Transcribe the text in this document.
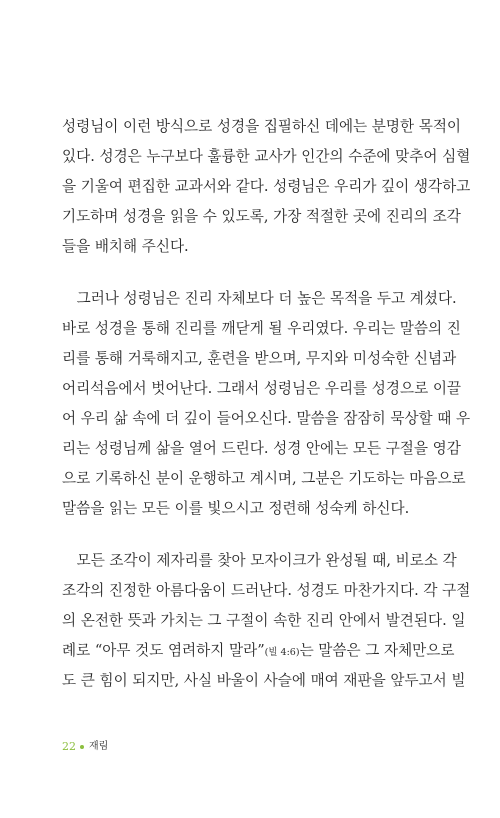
성령님이 이런 방식으로 성경을 집필하신 데에는 분명한 목적이
있다. 성경은 누구보다 훌륭한 교사가 인간의 수준에 맞추어 심혈
을 기울여 편집한 교과서와 같다. 성령님은 우리가 깊이 생각하고
기도하며 성경을 읽을 수 있도록, 가장 적절한 곳에 진리의 조각
들을 배치해 주신다.
　그러나 성령님은 진리 자체보다 더 높은 목적을 두고 계셨다.
바로 성경을 통해 진리를 깨닫게 될 우리였다. 우리는 말씀의 진
리를 통해 거룩해지고, 훈련을 받으며, 무지와 미성숙한 신념과
어리석음에서 벗어난다. 그래서 성령님은 우리를 성경으로 이끌
어 우리 삶 속에 더 깊이 들어오신다. 말씀을 잠잠히 묵상할 때 우
리는 성령님께 삶을 열어 드린다. 성경 안에는 모든 구절을 영감
으로 기록하신 분이 운행하고 계시며, 그분은 기도하는 마음으로
말씀을 읽는 모든 이를 빛으시고 정련해 성숙케 하신다.
　모든 조각이 제자리를 찾아 모자이크가 완성될 때, 비로소 각
조각의 진정한 아름다움이 드러난다. 성경도 마찬가지다. 각 구절
의 온전한 뜻과 가치는 그 구절이 속한 진리 안에서 발견된다. 일
례로 “아무 것도 염려하지 말라”(빌 4:6)는 말씀은 그 자체만으로
도 큰 힘이 되지만, 사실 바울이 사슬에 매여 재판을 앞두고서 빌
22 재림
